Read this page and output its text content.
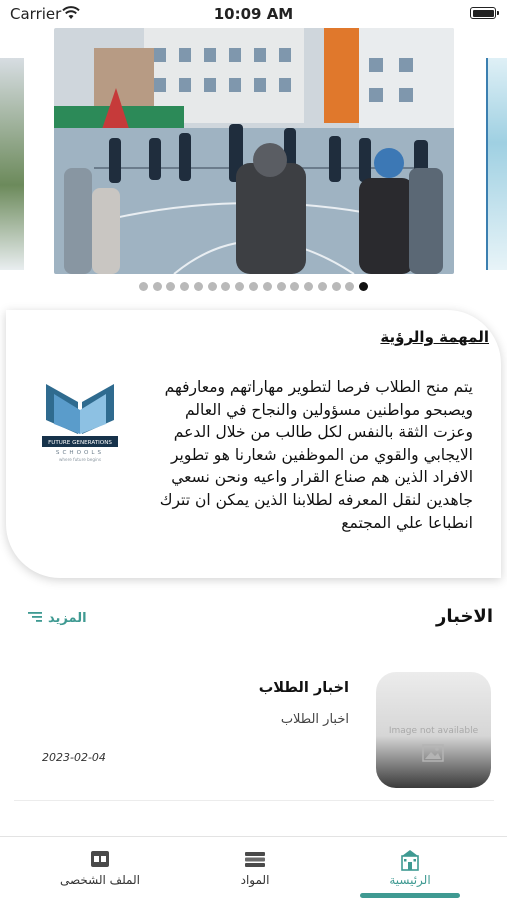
Carrier	10:09 AM
المهمة والرؤية
يتم منح الطلاب فرصا لتطوير مهاراتهم ومعارفهم ويصبحو مواطنين مسؤولين والنجاح في العالم وعزت الثقة بالنفس لكل طالب من خلال الدعم الايجابي والقوي من الموظفين شعارنا هو تطوير الافراد الذين هم صناع القرار واعيه ونحن نسعي جاهدين لنقل المعرفه لطلابنا الذين يمكن ان تترك انطباعا علي المجتمع
FUTURE GENERATIONS
SCHOOLS
where future begins
الاخبار
المزيد
Image not available
اخبار الطلاب
اخبار الطلاب
2023-02-04
الملف الشخصى	المواد	الرئيسية
